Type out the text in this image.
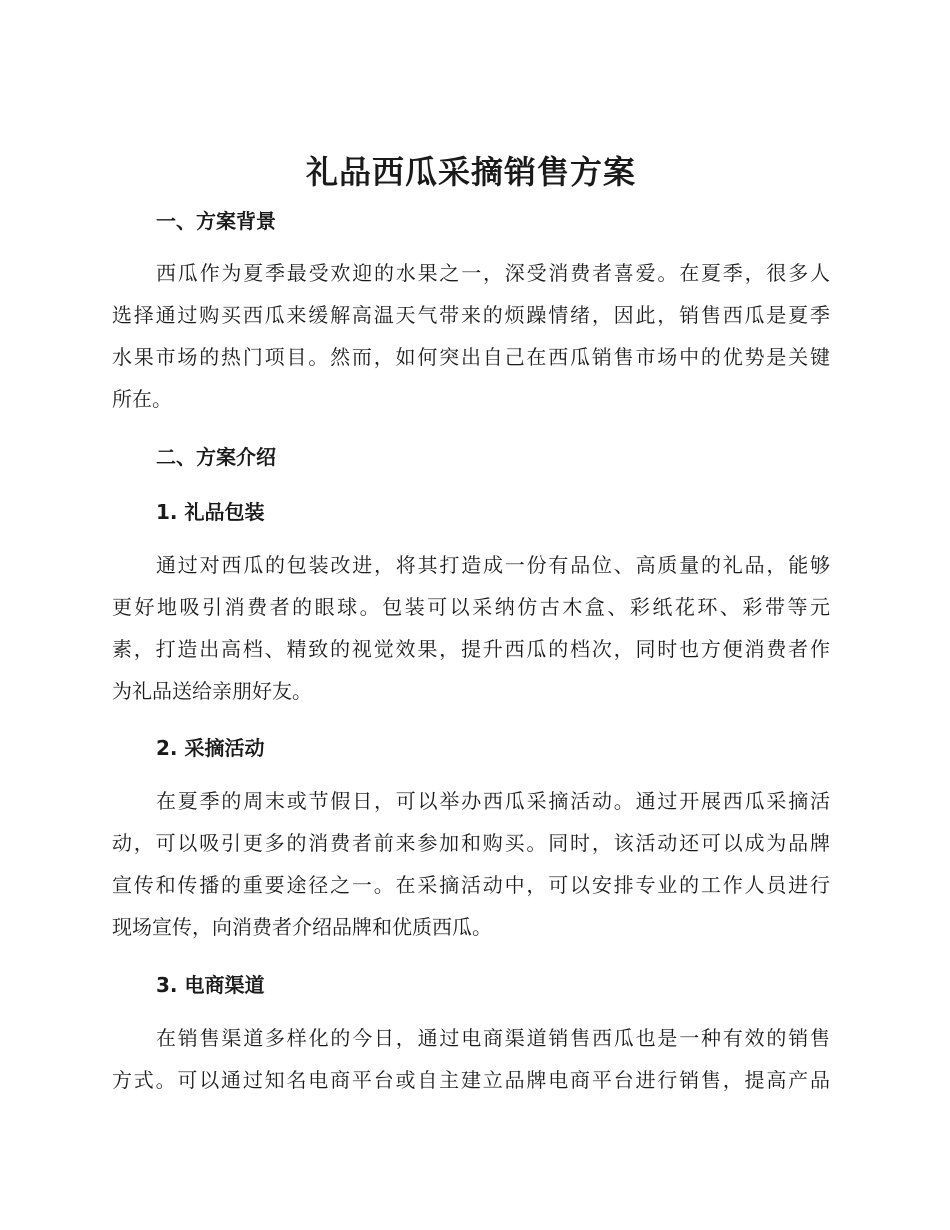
礼品西瓜采摘销售方案
一、方案背景
西瓜作为夏季最受欢迎的水果之一，深受消费者喜爱。在夏季，很多人
选择通过购买西瓜来缓解高温天气带来的烦躁情绪，因此，销售西瓜是夏季
水果市场的热门项目。然而，如何突出自己在西瓜销售市场中的优势是关键
所在。
二、方案介绍
1. 礼品包装
通过对西瓜的包装改进，将其打造成一份有品位、高质量的礼品，能够
更好地吸引消费者的眼球。包装可以采纳仿古木盒、彩纸花环、彩带等元
素，打造出高档、精致的视觉效果，提升西瓜的档次，同时也方便消费者作
为礼品送给亲朋好友。
2. 采摘活动
在夏季的周末或节假日，可以举办西瓜采摘活动。通过开展西瓜采摘活
动，可以吸引更多的消费者前来参加和购买。同时，该活动还可以成为品牌
宣传和传播的重要途径之一。在采摘活动中，可以安排专业的工作人员进行
现场宣传，向消费者介绍品牌和优质西瓜。
3. 电商渠道
在销售渠道多样化的今日，通过电商渠道销售西瓜也是一种有效的销售
方式。可以通过知名电商平台或自主建立品牌电商平台进行销售，提高产品
